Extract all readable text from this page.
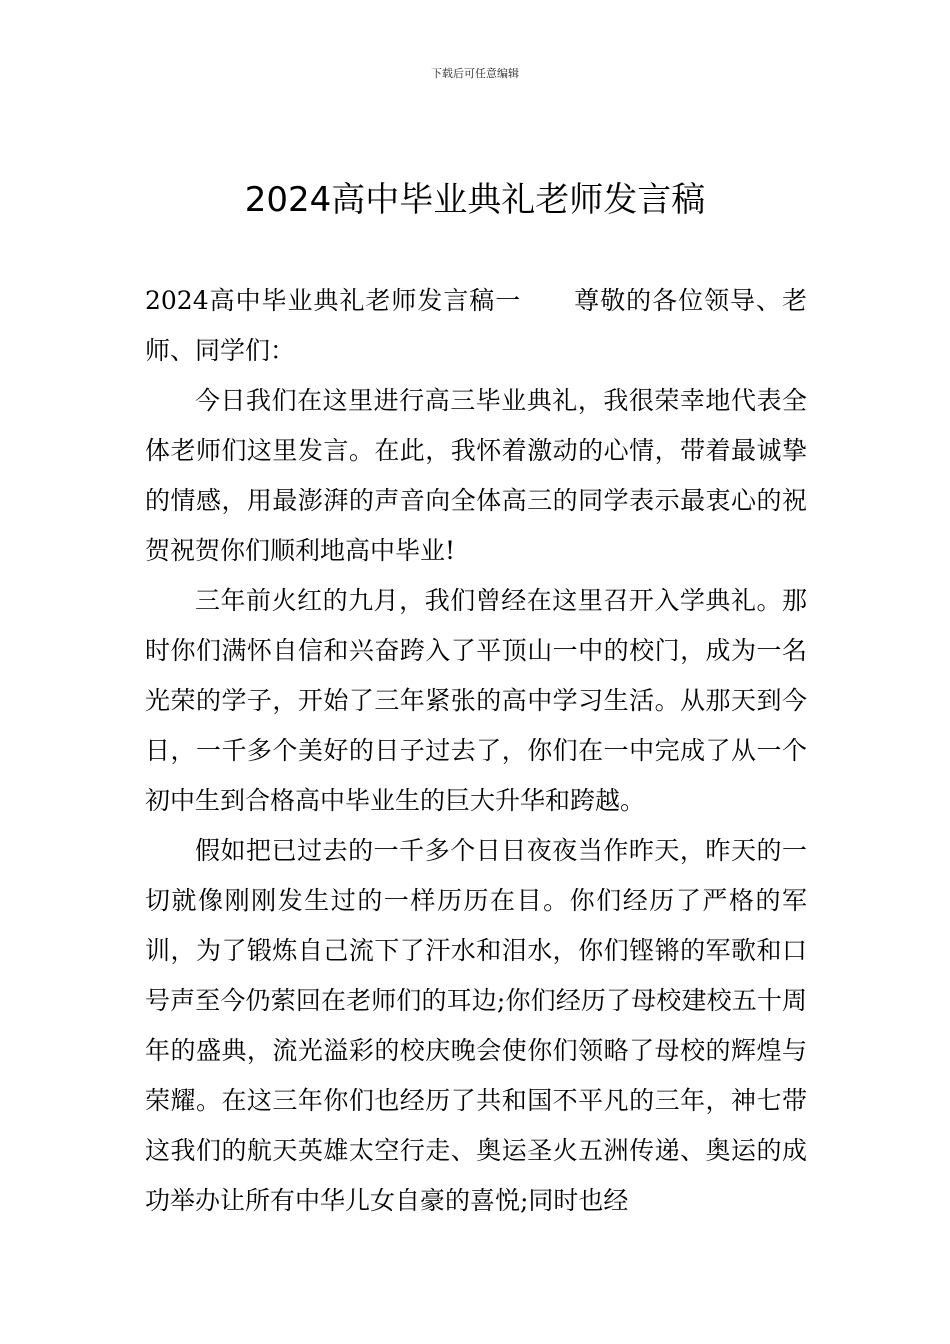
下载后可任意编辑
2024高中毕业典礼老师发言稿

2024高中毕业典礼老师发言稿一 尊敬的各位领导、老师、同学们：

今日我们在这里进行高三毕业典礼，我很荣幸地代表全体老师们这里发言。在此，我怀着激动的心情，带着最诚挚的情感，用最澎湃的声音向全体高三的同学表示最衷心的祝贺祝贺你们顺利地高中毕业!

三年前火红的九月，我们曾经在这里召开入学典礼。那时你们满怀自信和兴奋跨入了平顶山一中的校门，成为一名光荣的学子，开始了三年紧张的高中学习生活。从那天到今日，一千多个美好的日子过去了，你们在一中完成了从一个初中生到合格高中毕业生的巨大升华和跨越。

假如把已过去的一千多个日日夜夜当作昨天，昨天的一切就像刚刚发生过的一样历历在目。你们经历了严格的军训，为了锻炼自己流下了汗水和泪水，你们铿锵的军歌和口号声至今仍萦回在老师们的耳边;你们经历了母校建校五十周年的盛典，流光溢彩的校庆晚会使你们领略了母校的辉煌与荣耀。在这三年你们也经历了共和国不平凡的三年，神七带这我们的航天英雄太空行走、奥运圣火五洲传递、奥运的成功举办让所有中华儿女自豪的喜悦;同时也经
